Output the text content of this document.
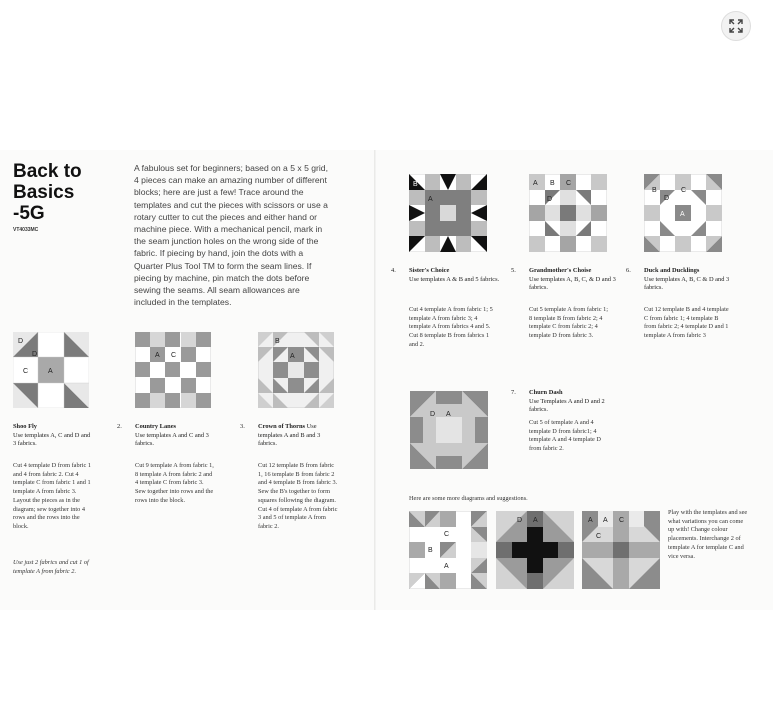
Back to
Basics
-5G
VT4033MC
A fabulous set for beginners; based on a 5 x 5 grid, 4 pieces can make an amazing number of different blocks; here are just a few! Trace around the templates and cut the pieces with scissors or use a rotary cutter to cut the pieces and either hand or machine piece. With a mechanical pencil, mark in the seam junction holes on the wrong side of the fabric. If piecing by hand, join the dots with a Quarter Plus Tool TM to form the seam lines. If piecing by machine, pin match the dots before sewing the seams. All seam allowances are included in the templates.
D
D
C	A
Shoo Fly
Use templates A, C and D and 3 fabrics.
Cut 4 template D from fabric 1 and 4 from fabric 2. Cut 4 template C from fabric 1 and 1 template A from fabric 3. Layout the pieces as in the diagram; sew together into 4 rows and the rows into the block.
Use just 2 fabrics and cut 1 of template A from fabric 2.
A C
2. Country Lanes
Use templates A and C and 3 fabrics.
Cut 9 template A from fabric 1, 8 template A from fabric 2 and 4 template C from fabric 3. Sew together into rows and the rows into the block.
B
A
3. Crown of Thorns Use templates A and B and 3 fabrics.
Cut 12 template B from fabric 1, 16 template B from fabric 2 and 4 template B from fabric 3. Sew the B's together to form squares following the diagram. Cut 4 of template A from fabric 3 and 5 of template A from fabric 2.
B
A
4. Sister's Choice
Use templates A & B and 5 fabrics.
Cut 4 template A from fabric 1; 5 template A from fabric 3; 4 template A from fabrics 4 and 5. Cut 8 template B from fabrics 1 and 2.
A B C
D
5. Grandmother's Choise
Use templates A, B, C, & D and 3 fabrics.
Cut 5 template A from fabric 1; 8 template B from fabric 2; 4 template C from fabric 2; 4 template D from fabric 3.
B	C
D
A
6. Duck and Ducklings
Use templates A, B, C & D and 3 fabrics.
Cut 12 template B and 4 template C from fabric 1; 4 template B from fabric 2; 4 template D and 1 template A from fabric 3
D A
7. Churn Dash
Use Templates A and D and 2 fabrics.
Cut 5 of template A and 4 template D from fabric1; 4 template A and 4 template D from fabric 2.
Here are some more diagrams and suggestions.
C
B
A
D A	A A C
C
Play with the templates and see what variations you can come up with! Change colour placements. Interchange 2 of template A for template C and vice versa.
